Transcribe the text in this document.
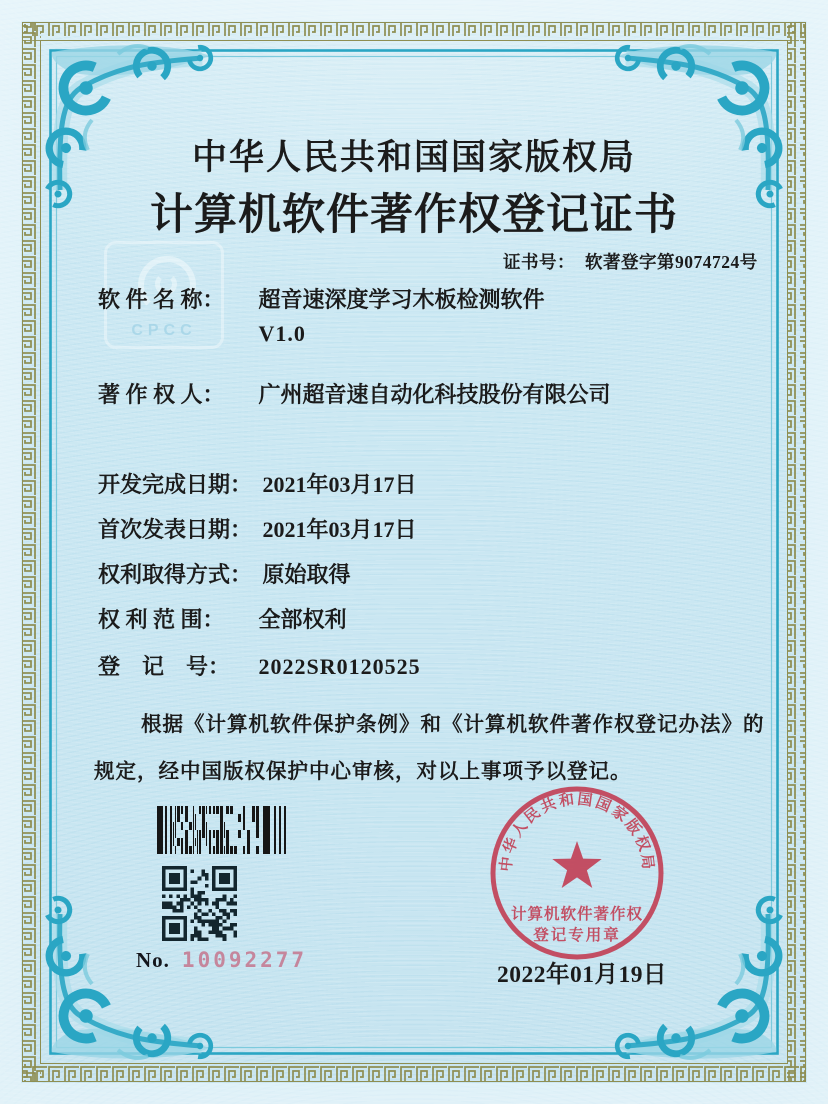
CPCC
中华人民共和国国家版权局
计算机软件著作权登记证书
证书号： 软著登字第9074724号
软 件 名 称： 超音速深度学习木板检测软件
V1.0
著 作 权 人： 广州超音速自动化科技股份有限公司
开发完成日期： 2021年03月17日
首次发表日期： 2021年03月17日
权利取得方式： 原始取得
权 利 范 围： 全部权利
登　记　号： 2022SR0120525
根据《计算机软件保护条例》和《计算机软件著作权登记办法》的
规定，经中国版权保护中心审核，对以上事项予以登记。
No. 10092277
中华人民共和国国家版权局
计算机软件著作权
登记专用章
2022年01月19日
